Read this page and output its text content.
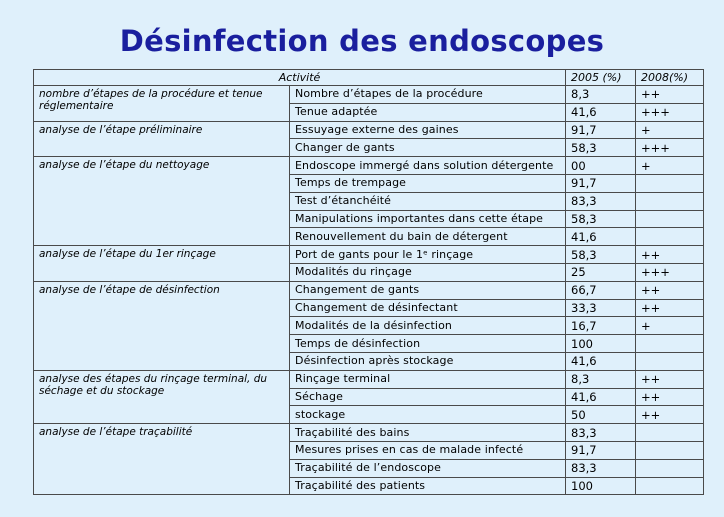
Désinfection des endoscopes
Activité		2005 (%)	2008(%)
nombre d’étapes de la procédure et tenue réglementaire	Nombre d’étapes de la procédure	8,3	++
	Tenue adaptée	41,6	+++
analyse de l’étape préliminaire	Essuyage externe des gaines	91,7	+
	Changer de gants	58,3	+++
analyse de l’étape du nettoyage	Endoscope immergé dans solution détergente	00	+
	Temps de trempage	91,7	
	Test d’étanchéité	83,3	
	Manipulations importantes dans cette étape	58,3	
	Renouvellement du bain de détergent	41,6	
analyse de l’étape du 1er rinçage	Port de gants pour le 1ᵉ rinçage	58,3	++
	Modalités du rinçage	25	+++
analyse de l’étape de désinfection	Changement de gants	66,7	++
	Changement de désinfectant	33,3	++
	Modalités de la désinfection	16,7	+
	Temps de désinfection	100	
	Désinfection après stockage	41,6	
analyse des étapes du rinçage terminal, du séchage et du stockage	Rinçage terminal	8,3	++
	Séchage	41,6	++
	stockage	50	++
analyse de l’étape traçabilité	Traçabilité des bains	83,3	
	Mesures prises en cas de malade infecté	91,7	
	Traçabilité de l’endoscope	83,3	
	Traçabilité des patients	100	
